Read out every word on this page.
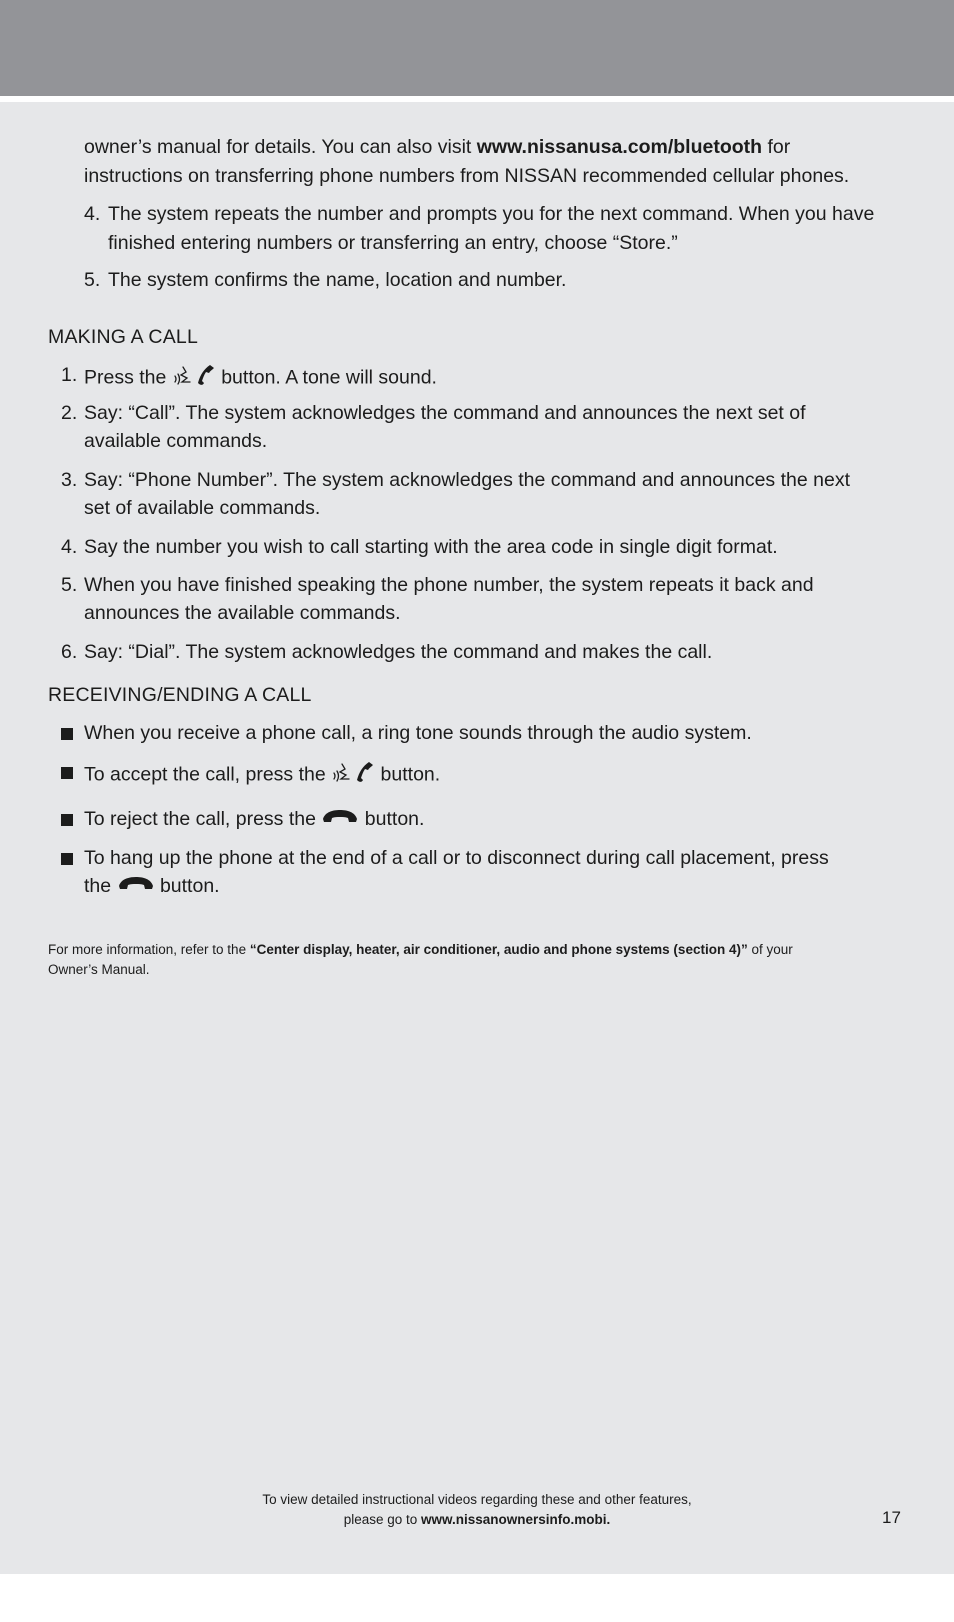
owner’s manual for details. You can also visit www.nissanusa.com/bluetooth for

instructions on transferring phone numbers from NISSAN recommended cellular phones.

4. The system repeats the number and prompts you for the next command. When you have

finished entering numbers or transferring an entry, choose “Store.”

5. The system confirms the name, location and number.

MAKING A CALL
1. Press the  button. A tone will sound.

2. Say: “Call”. The system acknowledges the command and announces the next set of

available commands.

3. Say: “Phone Number”. The system acknowledges the command and announces the next

set of available commands.

4. Say the number you wish to call starting with the area code in single digit format.

5. When you have finished speaking the phone number, the system repeats it back and

announces the available commands.

6. Say: “Dial”. The system acknowledges the command and makes the call.

RECEIVING/ENDING A CALL

When you receive a phone call, a ring tone sounds through the audio system.

To accept the call, press the  button.

To reject the call, press the  button.

To hang up the phone at the end of a call or to disconnect during call placement, press

the  button.

For more information, refer to the “Center display, heater, air conditioner, audio and phone systems (section 4)” of your
Owner’s Manual.
To view detailed instructional videos regarding these and other features,
please go to www.nissanownersinfo.mobi.	17
